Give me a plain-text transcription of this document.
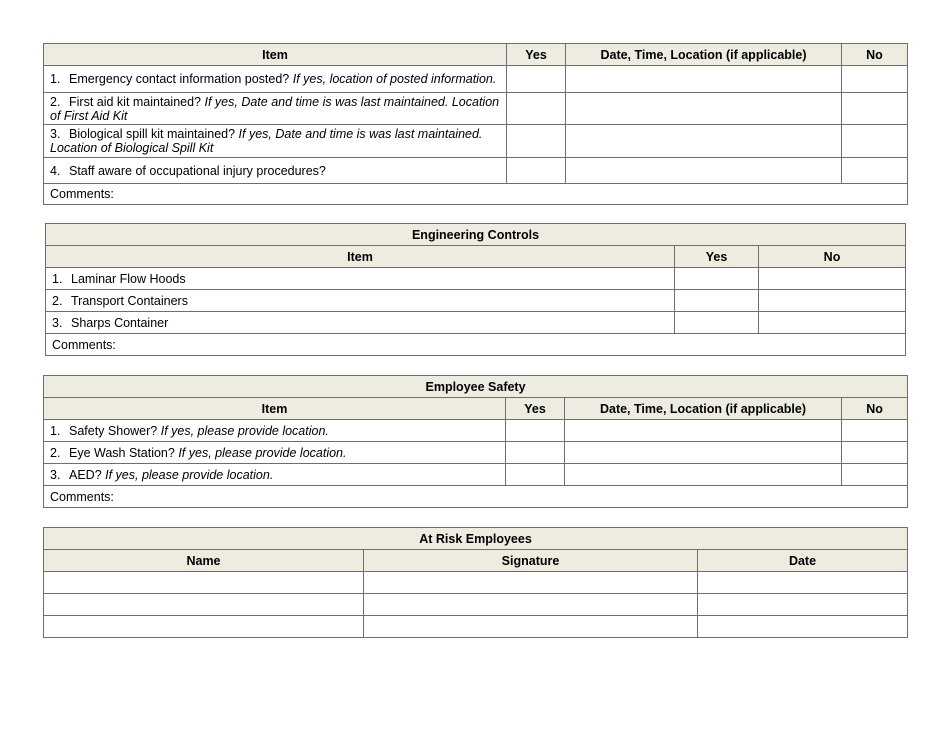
Item	Yes	Date, Time, Location (if applicable)	No
1. Emergency contact information posted? If yes, location of posted information.			
2. First aid kit maintained? If yes, Date and time is was last maintained. Location of First Aid Kit			
3. Biological spill kit maintained? If yes, Date and time is was last maintained. Location of Biological Spill Kit			
4. Staff aware of occupational injury procedures?			
Comments:			
Engineering Controls		
Item	Yes	No
1. Laminar Flow Hoods		
2. Transport Containers		
3. Sharps Container		
Comments:		
Employee Safety			
Item	Yes	Date, Time, Location (if applicable)	No
1. Safety Shower? If yes, please provide location.			
2. Eye Wash Station? If yes, please provide location.			
3. AED? If yes, please provide location.			
Comments:			
At Risk Employees		
Name	Signature	Date
